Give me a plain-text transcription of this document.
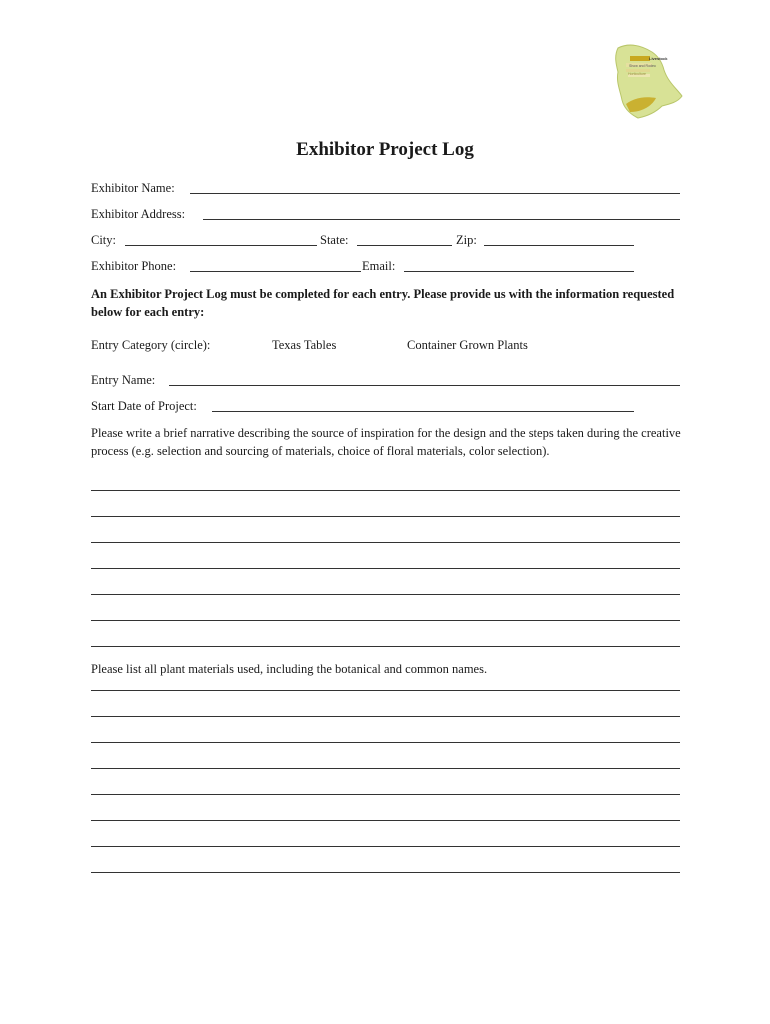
Livestock
Show and Rodeo
Horticulture
Exhibitor Project Log
Exhibitor Name:
Exhibitor Address:
City:	State:	Zip:
Exhibitor Phone:	Email:
An Exhibitor Project Log must be completed for each entry. Please provide us with the information requested below for each entry:
Entry Category (circle):	Texas Tables	Container Grown Plants
Entry Name:
Start Date of Project:
Please write a brief narrative describing the source of inspiration for the design and the steps taken during the creative process (e.g. selection and sourcing of materials, choice of floral materials, color selection).
Please list all plant materials used, including the botanical and common names.
